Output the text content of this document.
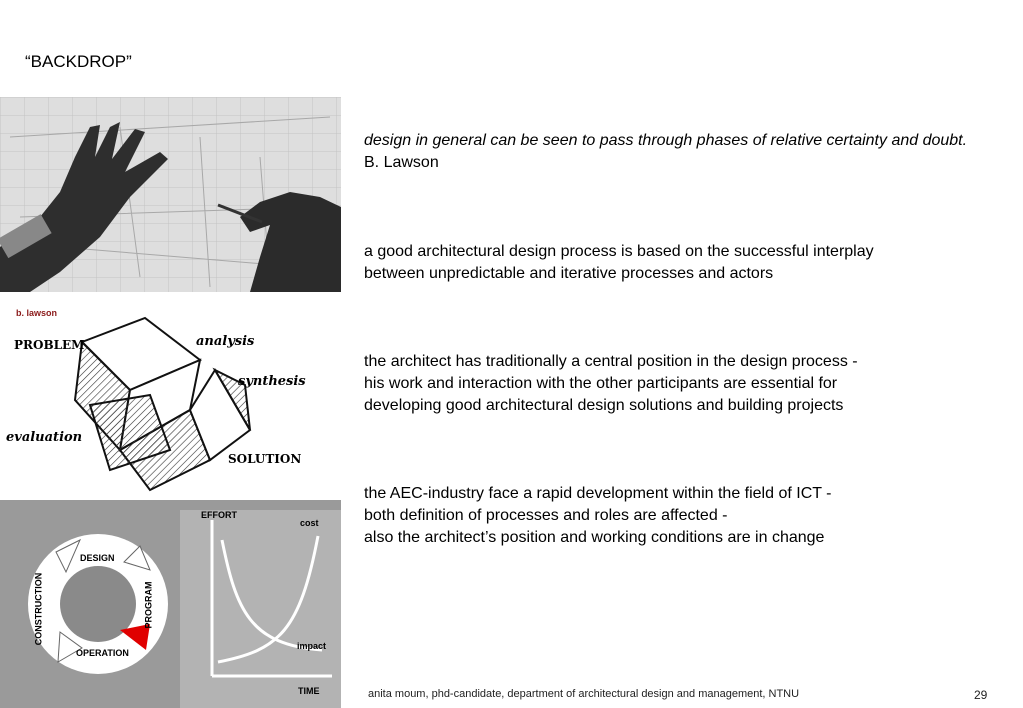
“BACKDROP”
b. lawson
PROBLEM	analysis
synthesis
evaluation
SOLUTION
DESIGN
PROGRAM
OPERATION
CONSTRUCTION
EFFORT
cost
impact
TIME
design in general can be seen to pass through phases of relative certainty and doubt.  B. Lawson
a good architectural design process is based on the successful interplay
between unpredictable and iterative processes and actors
the architect has traditionally a central position in the design process -
his work and interaction with the other participants are essential for
developing good architectural design solutions and building projects
the AEC-industry face a rapid development within the field of ICT -
both definition of processes and roles are affected -
also the architect’s position and working conditions are in change
anita moum, phd-candidate, department of architectural design and management, NTNU	29
